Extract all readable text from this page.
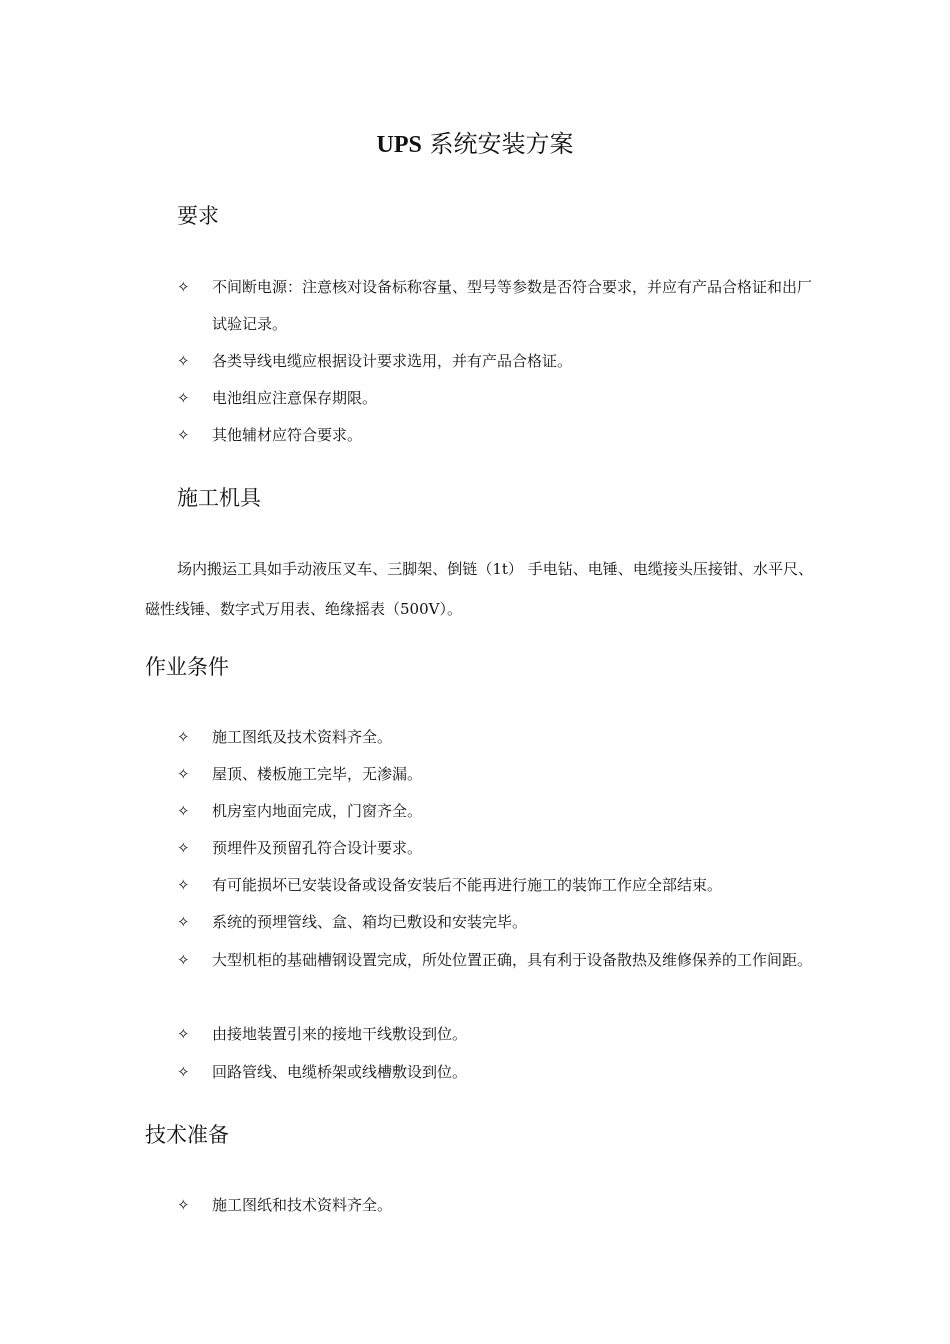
UPS 系统安装方案
要求
✧	不间断电源：注意核对设备标称容量、型号等参数是否符合要求，并应有产品合格证和出厂试验记录。
✧	各类导线电缆应根据设计要求选用，并有产品合格证。
✧	电池组应注意保存期限。
✧	其他辅材应符合要求。
施工机具

场内搬运工具如手动液压叉车、三脚架、倒链（1t） 手电钻、电锤、电缆接头压接钳、水平尺、磁性线锤、数字式万用表、绝缘摇表（500V）。

作业条件
✧	施工图纸及技术资料齐全。
✧	屋顶、楼板施工完毕，无渗漏。
✧	机房室内地面完成，门窗齐全。
✧	预埋件及预留孔符合设计要求。
✧	有可能损坏已安装设备或设备安装后不能再进行施工的装饰工作应全部结束。
✧	系统的预埋管线、盒、箱均已敷设和安装完毕。
✧	大型机柜的基础槽钢设置完成，所处位置正确，具有利于设备散热及维修保养的工作间距。
✧	由接地装置引来的接地干线敷设到位。
✧	回路管线、电缆桥架或线槽敷设到位。
技术准备
✧	施工图纸和技术资料齐全。
